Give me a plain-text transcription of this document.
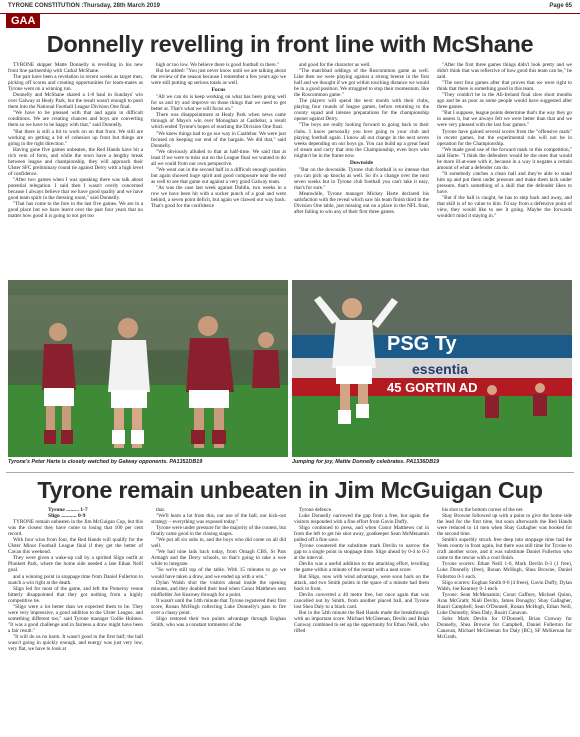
TYRONE CONSTITUTION :Thursday, 28th March 2019	Page 65
GAA
Donnelly revelling in front line with McShane

TYRONE skipper Matte Donnelly is revelling in his new front line partnership with Cathal McShane.

The pair have been a revelation in recent weeks as target men, picking off scores and creating opportunities for team-mates as Tyrone went on a winning run.

Donnelly and McShane shared a 1-8 haul in Sundays' win over Galway at Healy Park, but the result wasn't enough to push them into the National Football League Division One final.

"We have to be pleased with that and again in difficult conditions. We are creating chances and boys are converting them so we have to be happy with that," said Donnelly.

"But there is still a bit to work on on that front. We still are working on getting a bit of cohesion up front but things are going in the right direction."

Having gone five games unbeaten, the Red Hands have hit a rich vein of form, and while the town have a lengthy break between league and championship, they will approach their Ulster SFC preliminary round tie against Derry with a high level of confidence.

"After two games when I was speaking there was talk about potential relegation. I said then I wasn't overly concerned because I always believe that we have good quality and we have good team spirit in the dressing room," said Donnelly.

"That has come to the fore in the last five games. We are in a good place but we have learnt over the past four years that no matter how good it is going to not get too

high or too low. We believe there is good football in there."

But he added: "You just never know until we are talking about the review of the season because I remember a few years ago we were still putting up serious totals as well.

Focus

"All we can do is keep working on what has been going well for us and try and improve on those things that we need to get better at. That's what we will focus on."

There was disappointment at Healy Park when news came through of Mayo's win over Monaghan at Castlebar, a result which ended Tyrone's hopes of reaching the Division One final.

"We knew things had to go our way in Castlebar. We were just focused on keeping our end of the bargain. We did that," said Donnelly.

"We obviously alluded to that at half-time. We said that at least if we were to miss out on the League final we wanted to do all we could from our own perspective.

"We went out in the second half in a difficult enough position but again showed huge spirit and good composure near the end as well to see that game out against a very good Galway team.

"As was the case last week against Dublin, two weeks in a row we have been hit with a sucker punch of a goal and went behind, a seven point deficit, but again we clawed our way back. That's good for the confidence

and good for the character as well.

"The matchbad oddings of the Roscommon game as well. Like then we were playing against a strong breeze in the first half and we thought if we got within touching distance we would be in a good position. We struggled to stop their momentum, like the Roscommon game."

The players will spend the next month with their clubs, playing four rounds of league games, before returning to the county squad and intense preparations for the championship opener against Derry.

"The boys are really looking forward to going back to their clubs. I know personally you love going to your club and playing football again. I know all out change in the next seven weeks depending on our boys go. You can build up a great head of steam and carry that into the Championship, even boys who mightn't be in the frame now.

Downside

"But on the downside. Tyrone club football is so intense that you can pick up knocks as well. So it's a change over the next seven weeks but in Tyrone club football you can't take it easy, that's for sure."

Meanwhile, Tyrone manager Mickey Harte declared his satisfaction with the reveal which saw his team finish third in the Division One table, just missing out on a place in the NFL final, after failing to win any of their first three games.

"After the first three games things didn't look pretty and we didn't think that was reflective of how good this team can be," he said.

"The next four games after that proves that we were right to think that there is something good in this team.

"They couldn't be in the All-Ireland final slow short months ago and be as poor as some people would have suggested after three games.

"But I suppose, league points determine that's the way they go to assess it, but we always felt we were better than that and we were very pleased with the last four games."

Tyrone have gained several scores from the "offensive mark" in recent games, but the experimental rule will not be in operation for the Championship.

"We made good use of the forward mark in this competition," said Harte. "I think the defenders would be the ones that would be more ill-at-ease with it, because in a way it negates a certain amount of what a defender can do.

"It somebody catches a clean ball and they're able to stand him up and put them under pressure and make them kick under pressure, that's something of a skill that the defender likes to have.

"But if the ball is caught, he has to step back and away, and that skill is of no value to him. I'd say from a defensive point of view, they would like to see it going. Maybe the forwards wouldn't mind it staying in."

Tyrone's Peter Harte is closely watched by Galway opponents. PA1351DB19
PSG Ty
essentia
45 GORTIN AD
Jumping for joy, Mattie Donnelly celebrates. PA1336DB19
Tyrone remain unbeaten in Jim McGuigan Cup

Tyrone ......... 1-7

Sligo ........... 0-9

TYRONE remain unbeaten in the Jim McGuigan Cup, but this was the closest they have come to losing that 100 per cent record.

With four wins from four, the Red Hands will qualify for the Ulster Minor Football League final if they get the better of Cavan this weekend.

They were given a wake-up call by a spirited Sligo outfit at Plunkett Park, where the home side needed a late Ethan Neill goal.

and a winning point in stoppage time from Daniel Fullerton to snatch a win right at the death.

Sligo led for most of the game, and left the Pomeroy venue bitterly disappointed that they got nothing from a highly competitive tie.

"Sligo were a lot better than we expected them to be. They were very impressive, a good addition to the Ulster League, and something different too," said Tyrone manager Gollie Holmes. "It was a good challenge and in fairness a draw might have been a fair result."

"It will do us no harm. It wasn't good in the first half; the ball wasn't going in quickly enough, and energy was just very low, very flat, we have to look at

that.

"We'll learn a lot from this, our use of the ball, our kick-out strategy – everything was exposed today."

Tyrone were under pressure for the majority of the contest, but finally came good in the closing stages.

"We put all six subs in, and the boys who did come on all did well.

"We had nine lads back today, from Omagh CBS, St Pats Armagh and the Derry schools, so that's going to take a wee while to integrate.

"So we're still top of the table. With 15 minutes to go we would have taken a draw, and we ended up with a win."

Dylan Walsh shot the visitors ahead inside the opening minutes, and they doubled their lead when Conor Matthews sent midfielder Joe Kearney through for a point.

It wasn't until the 14th minute that Tyrone registered their first score, Ronan McHugh collecting Luke Donnelly's pass to fire over a classy point.

Sligo restored their two points advantage through Eoghan Smith, who was a constant tormentor of the

Tyrone defence.

Luke Donnelly narrowed the gap from a free, but again the visitors responded with a fine effort from Gavin Duffy.

Sligo continued to press, and when Conor Matthews cut in from the left to get his shot away, goalkeeper Sean McMenamin pulled off a fine save.

Tyrone countered the substitute mark Devlin to narrow the gap to a single point in stoppage time. Sligo ahead by 0-4 to 0-3 at the interval.

Devlin was a useful addition to the attacking effort, levelling the game within a minute of the restart with a neat score.

But Sligo, now with wind advantage, were soon back on the attack, and two Smith points in the space of a minute had them back in front.

Devlin converted a 40 metre free, but once again that was cancelled out by Smith, from another placed ball, and Tyrone lost Shea Daly to a black card.

But in the 54th minute the Red Hands made the breakthrough with an important score. Michael McGleenan, Devlin and Brian Conway combined to set up the opportunity for Ethan Neill, who rifled

his shot to the bottom corner of the net.

Shay Browne followed up with a point to give the home side the lead for the first time, but soon afterwards the Red Hands were reduced to 14 men when Shay Gallagher was booked for the second time.

Smith's superbly struck free deep into stoppage time had the Yeats county in front again, but there was still time for Tyrone to craft another score, and it was substitute Daniel Fullerton who came to the rescue with a cool finish.

Tyrone scorers: Ethan Neill 1-0, Mark Devlin 0-3 (1 free), Luke Donnelly (free), Ronan McHugh, Shea Browne, Daniel Fullerton 0-1 each.

Sligo scorers: Eoghan Smith 0-6 (4 frees), Gavin Duffy, Dylan Walsh, Joe Kearney 0-1 each.

Tyrone: Sean McMenamin; Conor Gaffney, Michael Quinn, Aran McGrath; Niall Devlin, James Donaghy; Shay Gallagher, Ruairi Campbell; Sean O'Donnell, Ronan McHugh, Ethan Neill, Luke Donnelly, Shea Daly, Ruairi Canavan.

Subs: Mark Devlin for O'Donnell, Brian Conway for Donnelly, Shea Browne for Campbell, Daniel Fullerton for Canavan, Michael McGleenan for Daly (BC), SF McKernan for McGrath.
